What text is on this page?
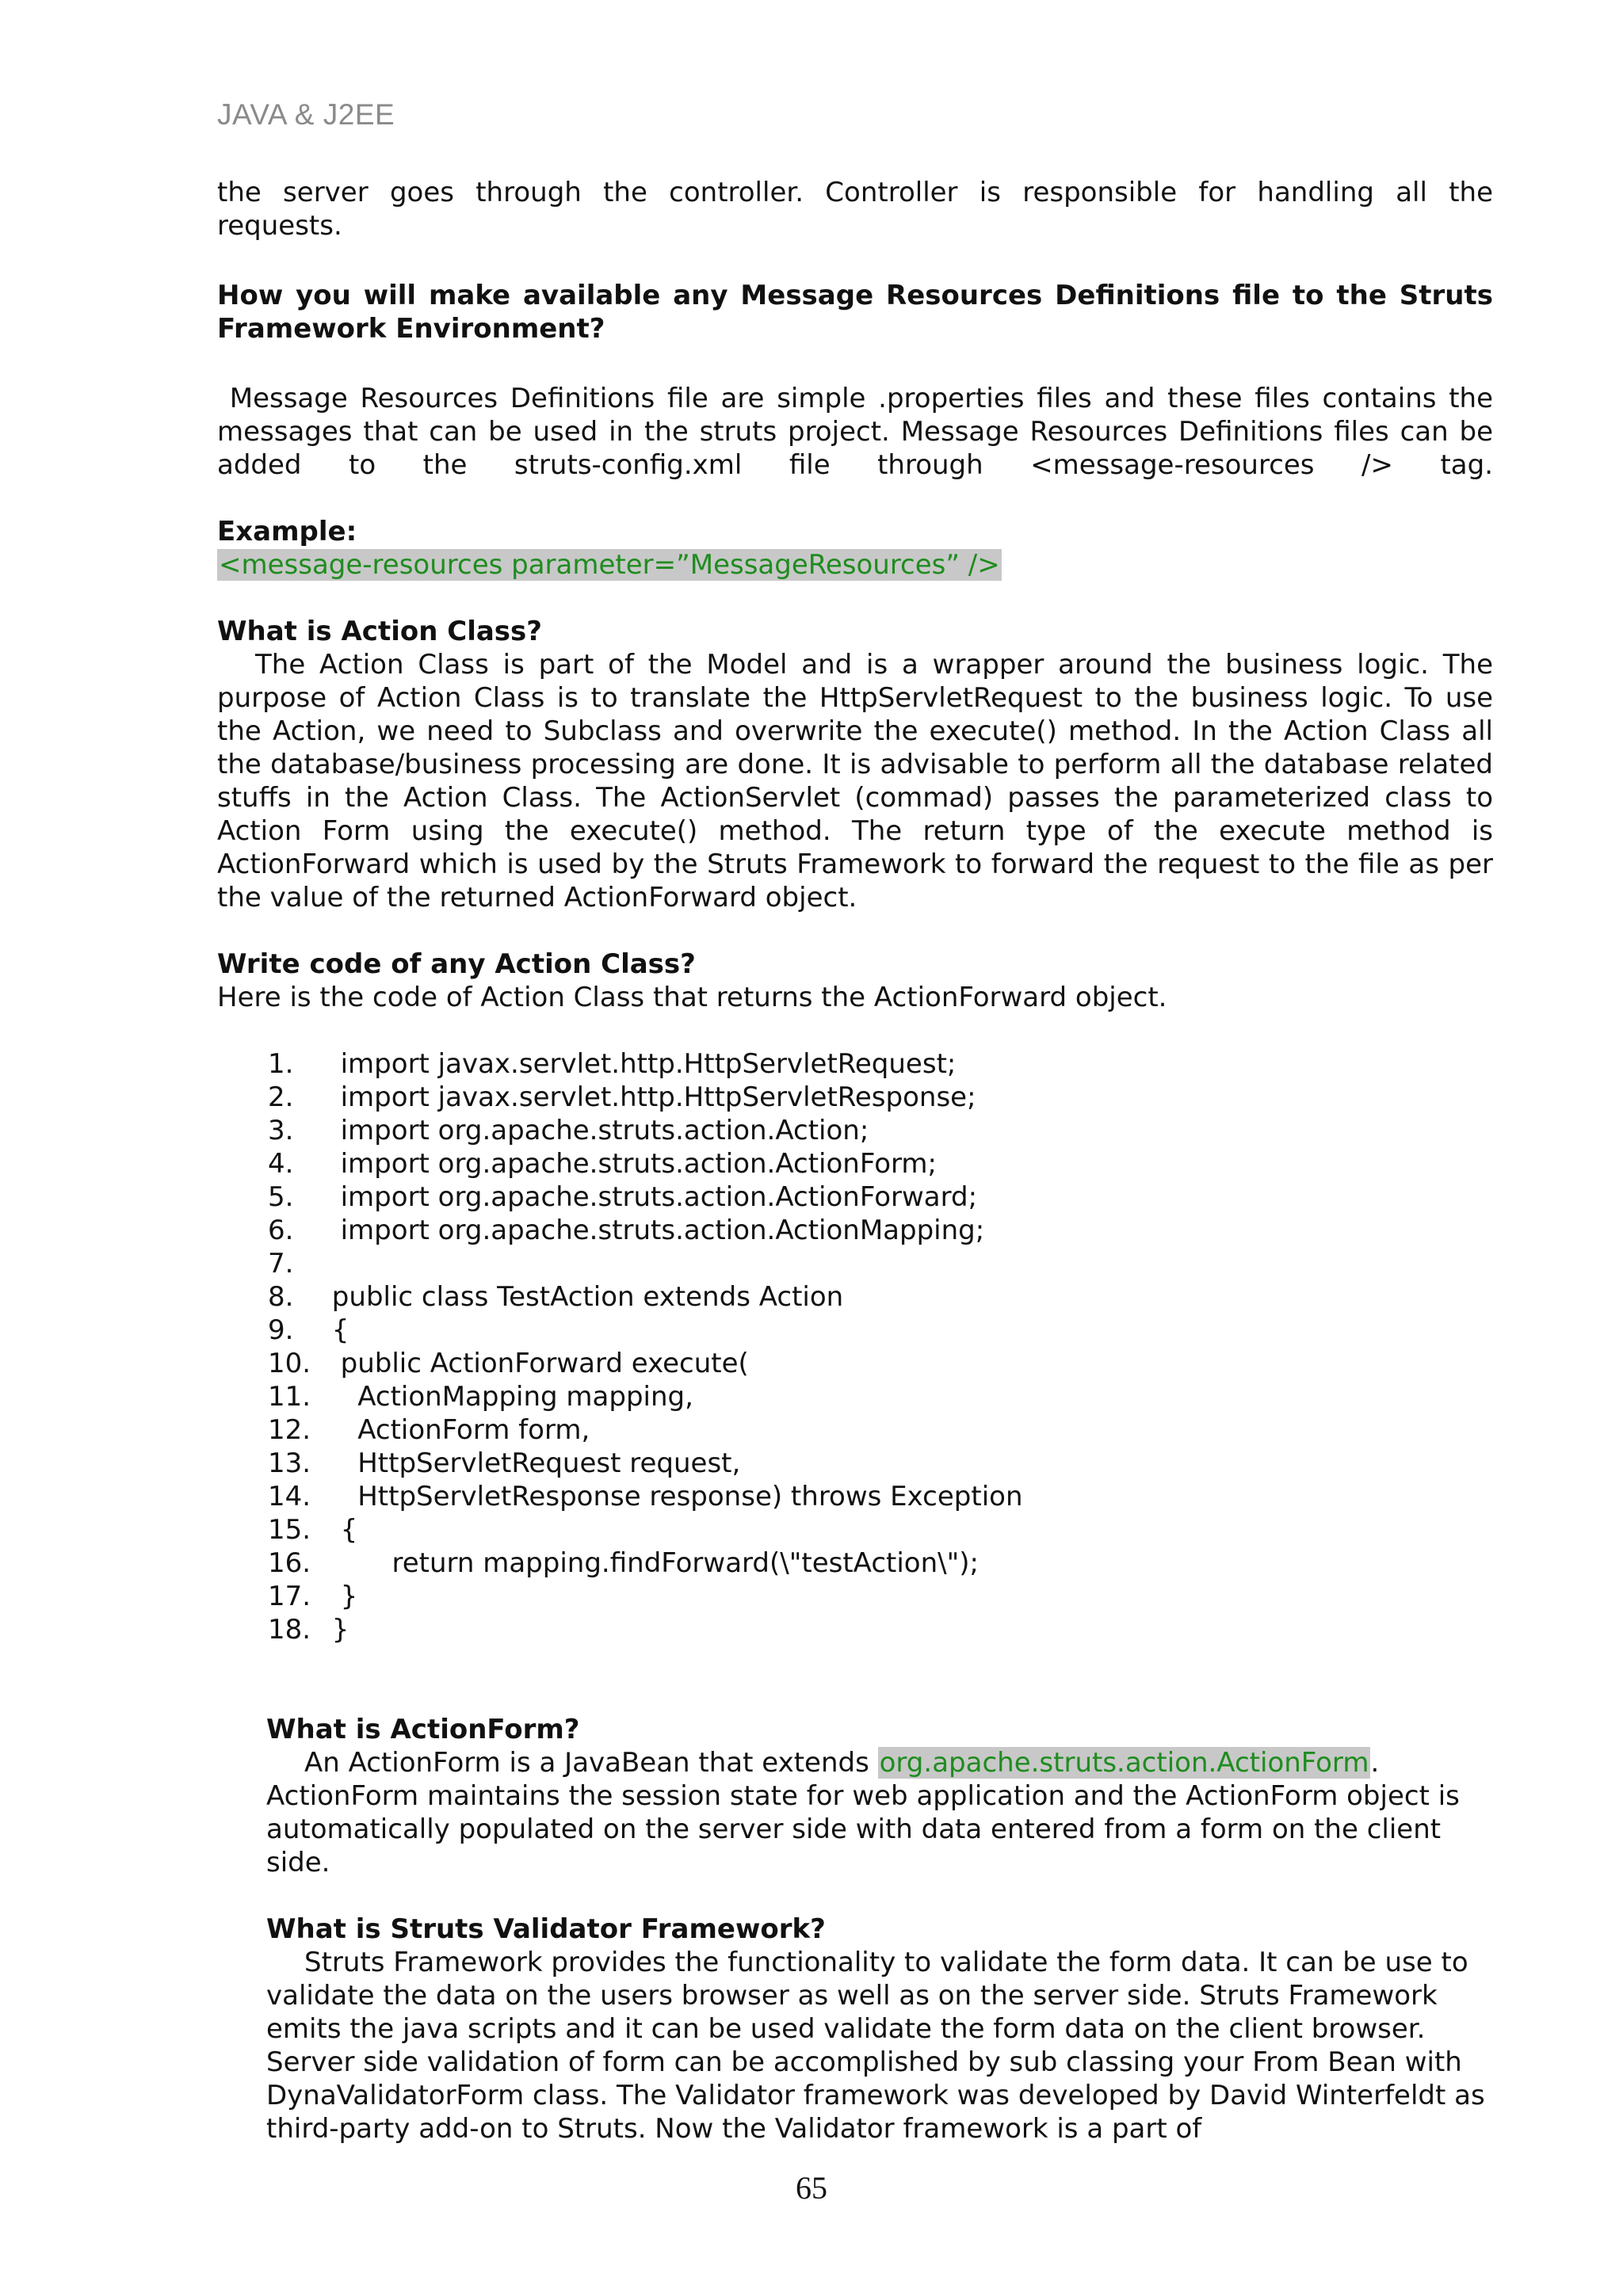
JAVA & J2EE

the server goes through the controller. Controller is responsible for handling all the

requests.

How you will make available any Message Resources Definitions file to the Struts

Framework Environment?

Message Resources Definitions file are simple .properties files and these files contains the

messages that can be used in the struts project. Message Resources Definitions files can be

added to the struts-config.xml file through <message-resources /> tag.

Example:

<message-resources parameter=”MessageResources” />

What is Action Class?

The Action Class is part of the Model and is a wrapper around the business logic. The purpose of Action Class is to translate the HttpServletRequest to the business logic. To use the Action, we need to Subclass and overwrite the execute() method. In the Action Class all the database/business processing are done. It is advisable to perform all the database related stuffs in the Action Class. The ActionServlet (commad) passes the parameterized class to Action Form using the execute() method. The return type of the execute method is ActionForward which is used by the Struts Framework to forward the request to the file as per the value of the returned ActionForward object.

Write code of any Action Class?

Here is the code of Action Class that returns the ActionForward object.

1.	import javax.servlet.http.HttpServletRequest;
2.	import javax.servlet.http.HttpServletResponse;
3.	import org.apache.struts.action.Action;
4.	import org.apache.struts.action.ActionForm;
5.	import org.apache.struts.action.ActionForward;
6.	import org.apache.struts.action.ActionMapping;
7.
8.	public class TestAction extends Action
9.	{
10. public ActionForward execute(
11. ActionMapping mapping,
12. ActionForm form,
13. HttpServletRequest request,
14. HttpServletResponse response) throws Exception
15. {
16. return mapping.findForward(\"testAction\");
17. }
18. }

What is ActionForm?

An ActionForm is a JavaBean that extends org.apache.struts.action.ActionForm. ActionForm maintains the session state for web application and the ActionForm object is automatically populated on the server side with data entered from a form on the client side.

What is Struts Validator Framework?

Struts Framework provides the functionality to validate the form data. It can be use to validate the data on the users browser as well as on the server side. Struts Framework emits the java scripts and it can be used validate the form data on the client browser. Server side validation of form can be accomplished by sub classing your From Bean with DynaValidatorForm class. The Validator framework was developed by David Winterfeldt as third-party add-on to Struts. Now the Validator framework is a part of

65
